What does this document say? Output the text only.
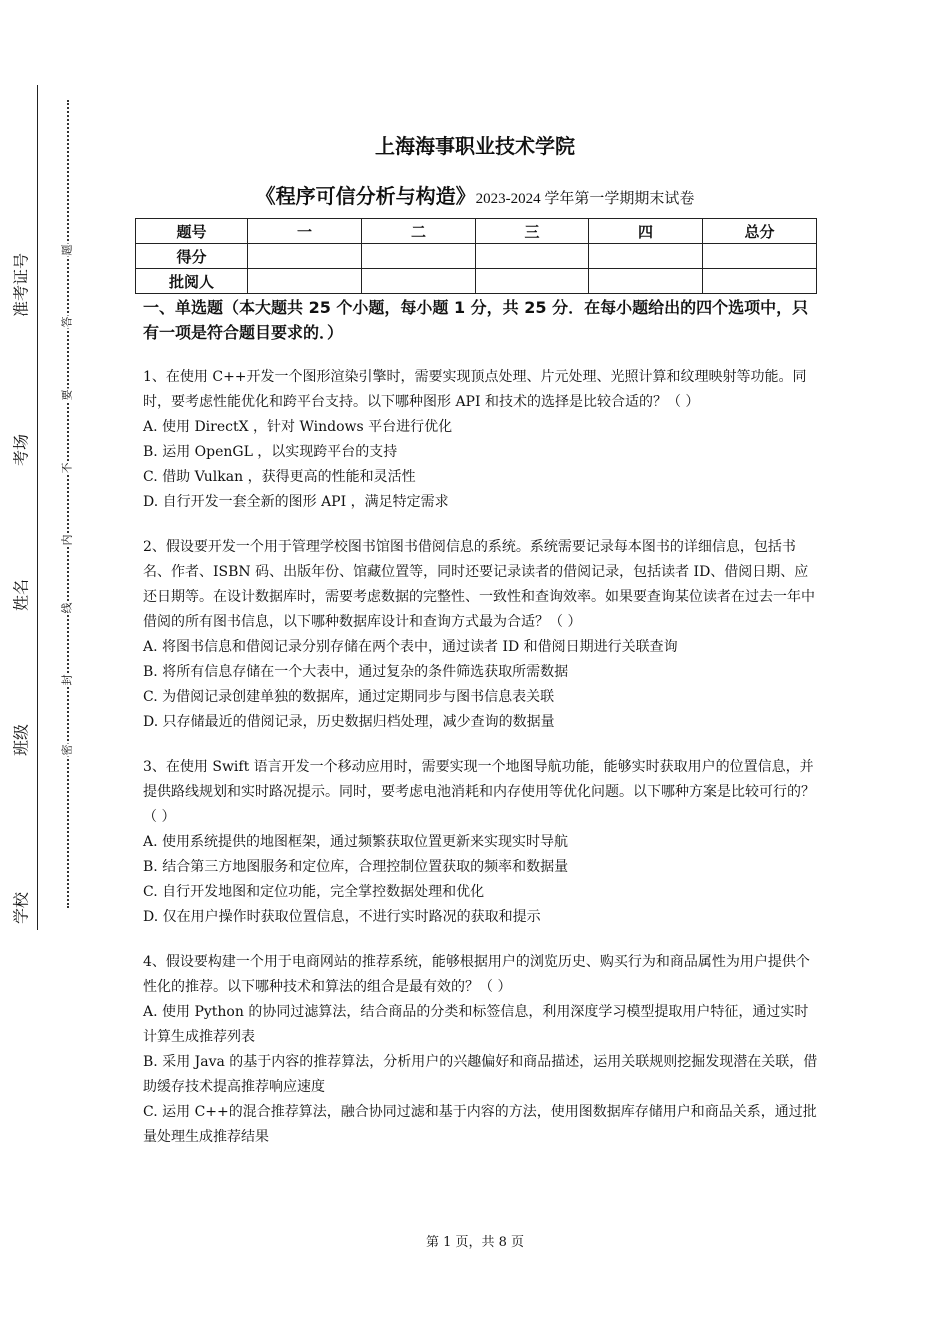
准考证号
考场
姓名
班级
学校
题
答
要
不
内
线
封
密
上海海事职业技术学院
《程序可信分析与构造》2023-2024 学年第一学期期末试卷
题号	一	二	三	四	总分
得分					
批阅人					
一、单选题（本大题共 25 个小题，每小题 1 分，共 25 分．在每小题给出的四个选项中，只有一项是符合题目要求的．）

1、在使用 C++开发一个图形渲染引擎时，需要实现顶点处理、片元处理、光照计算和纹理映射等功能。同时，要考虑性能优化和跨平台支持。以下哪种图形 API 和技术的选择是比较合适的？（ ）

A. 使用 DirectX ，针对 Windows 平台进行优化

B. 运用 OpenGL ，以实现跨平台的支持

C. 借助 Vulkan ，获得更高的性能和灵活性

D. 自行开发一套全新的图形 API ，满足特定需求

2、假设要开发一个用于管理学校图书馆图书借阅信息的系统。系统需要记录每本图书的详细信息，包括书名、作者、ISBN 码、出版年份、馆藏位置等，同时还要记录读者的借阅记录，包括读者 ID、借阅日期、应还日期等。在设计数据库时，需要考虑数据的完整性、一致性和查询效率。如果要查询某位读者在过去一年中借阅的所有图书信息，以下哪种数据库设计和查询方式最为合适？（ ）

A. 将图书信息和借阅记录分别存储在两个表中，通过读者 ID 和借阅日期进行关联查询

B. 将所有信息存储在一个大表中，通过复杂的条件筛选获取所需数据

C. 为借阅记录创建单独的数据库，通过定期同步与图书信息表关联

D. 只存储最近的借阅记录，历史数据归档处理，减少查询的数据量

3、在使用 Swift 语言开发一个移动应用时，需要实现一个地图导航功能，能够实时获取用户的位置信息，并提供路线规划和实时路况提示。同时，要考虑电池消耗和内存使用等优化问题。以下哪种方案是比较可行的？（ ）

A. 使用系统提供的地图框架，通过频繁获取位置更新来实现实时导航

B. 结合第三方地图服务和定位库，合理控制位置获取的频率和数据量

C. 自行开发地图和定位功能，完全掌控数据处理和优化

D. 仅在用户操作时获取位置信息，不进行实时路况的获取和提示

4、假设要构建一个用于电商网站的推荐系统，能够根据用户的浏览历史、购买行为和商品属性为用户提供个性化的推荐。以下哪种技术和算法的组合是最有效的？（ ）

A. 使用 Python 的协同过滤算法，结合商品的分类和标签信息，利用深度学习模型提取用户特征，通过实时计算生成推荐列表

B. 采用 Java 的基于内容的推荐算法，分析用户的兴趣偏好和商品描述，运用关联规则挖掘发现潜在关联，借助缓存技术提高推荐响应速度

C. 运用 C++的混合推荐算法，融合协同过滤和基于内容的方法，使用图数据库存储用户和商品关系，通过批量处理生成推荐结果

第 1 页，共 8 页
